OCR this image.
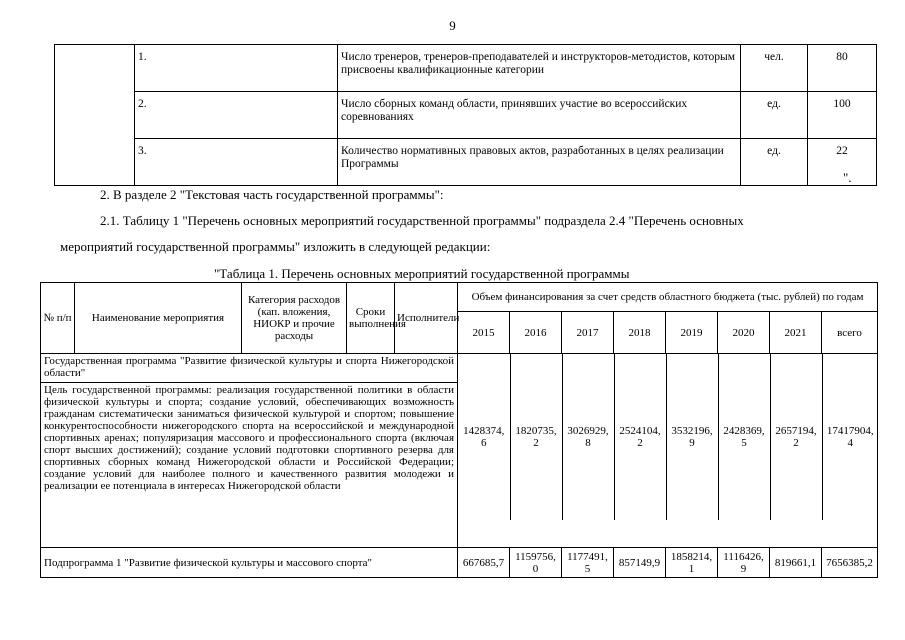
9
	1.	Число тренеров, тренеров-преподавателей и инструкторов-методистов, которым присвоены квалификационные категории	чел.	80
	2.	Число сборных команд области, принявших участие во всероссийских соревнованиях	ед.	100
	3.	Количество нормативных правовых актов, разработанных в целях реализации Программы	ед.	22
".
2. В разделе 2 "Текстовая часть государственной программы":
2.1. Таблицу 1 "Перечень основных мероприятий государственной программы" подраздела 2.4 "Перечень основных
мероприятий государственной программы" изложить в следующей редакции:
"Таблица 1. Перечень основных мероприятий государственной программы
№ п/п	Наименование мероприятия	Категория расходов (кап. вложения, НИОКР и прочие расходы	Сроки выполнения	Исполнители	Объем финансирования за счет средств областного бюджета (тыс. рублей) по годам
2015	2016	2017	2018	2019	2020	2021	всего
Государственная программа "Развитие физической культуры и спорта Нижегородской области"	
1428374,6	1820735,2	3026929,8	2524104,2	3532196,9	2428369,5	2657194,2	17417904,4

Цель государственной программы: реализация государственной политики в области физической культуры и спорта; создание условий, обеспечивающих возможность гражданам систематически заниматься физической культурой и спортом; повышение конкурентоспособности нижегородского спорта на всероссийской и международной спортивных аренах; популяризация массового и профессионального спорта (включая спорт высших достижений); создание условий подготовки спортивного резерва для спортивных сборных команд Нижегородской области и Российской Федерации; создание условий для наиболее полного и качественного развития молодежи и реализации ее потенциала в интересах Нижегородской области
Подпрограмма 1 "Развитие физической культуры и массового спорта"	667685,7	1159756,0	1177491,5	857149,9	1858214,1	1116426,9	819661,1	7656385,2
